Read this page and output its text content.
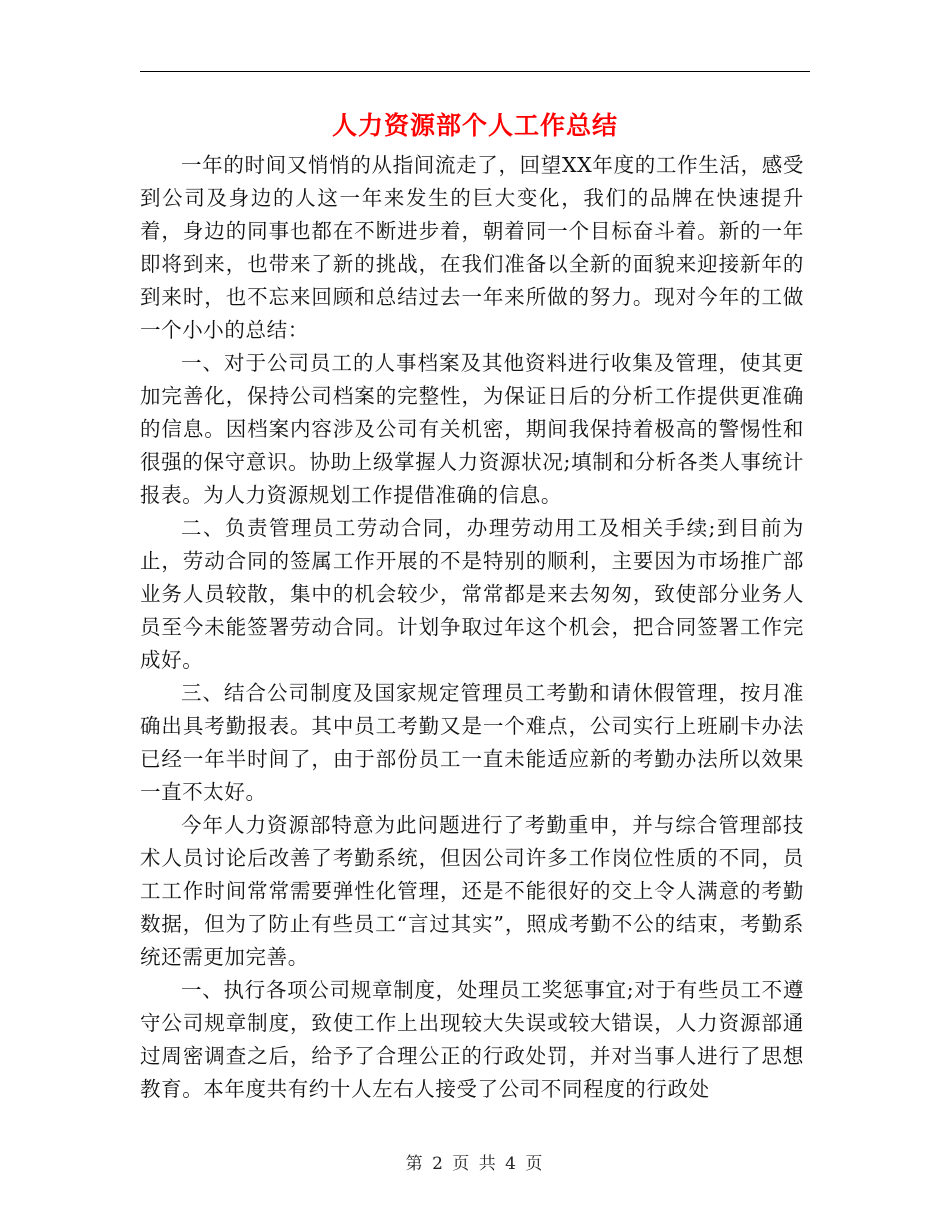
人力资源部个人工作总结

一年的时间又悄悄的从指间流走了，回望XX年度的工作生活，感受到公司及身边的人这一年来发生的巨大变化，我们的品牌在快速提升着，身边的同事也都在不断进步着，朝着同一个目标奋斗着。新的一年即将到来，也带来了新的挑战，在我们准备以全新的面貌来迎接新年的到来时，也不忘来回顾和总结过去一年来所做的努力。现对今年的工做一个小小的总结：

一、对于公司员工的人事档案及其他资料进行收集及管理，使其更加完善化，保持公司档案的完整性，为保证日后的分析工作提供更准确的信息。因档案内容涉及公司有关机密，期间我保持着极高的警惕性和很强的保守意识。协助上级掌握人力资源状况;填制和分析各类人事统计报表。为人力资源规划工作提借准确的信息。

二、负责管理员工劳动合同，办理劳动用工及相关手续;到目前为止，劳动合同的签属工作开展的不是特别的顺利，主要因为市场推广部业务人员较散，集中的机会较少，常常都是来去匆匆，致使部分业务人员至今未能签署劳动合同。计划争取过年这个机会，把合同签署工作完成好。

三、结合公司制度及国家规定管理员工考勤和请休假管理，按月准确出具考勤报表。其中员工考勤又是一个难点，公司实行上班刷卡办法已经一年半时间了，由于部份员工一直未能适应新的考勤办法所以效果一直不太好。

今年人力资源部特意为此问题进行了考勤重申，并与综合管理部技术人员讨论后改善了考勤系统，但因公司许多工作岗位性质的不同，员工工作时间常常需要弹性化管理，还是不能很好的交上令人满意的考勤数据，但为了防止有些员工“言过其实”，照成考勤不公的结束，考勤系统还需更加完善。

一、执行各项公司规章制度，处理员工奖惩事宜;对于有些员工不遵守公司规章制度，致使工作上出现较大失误或较大错误，人力资源部通过周密调查之后，给予了合理公正的行政处罚，并对当事人进行了思想教育。本年度共有约十人左右人接受了公司不同程度的行政处

第 2 页 共 4 页
